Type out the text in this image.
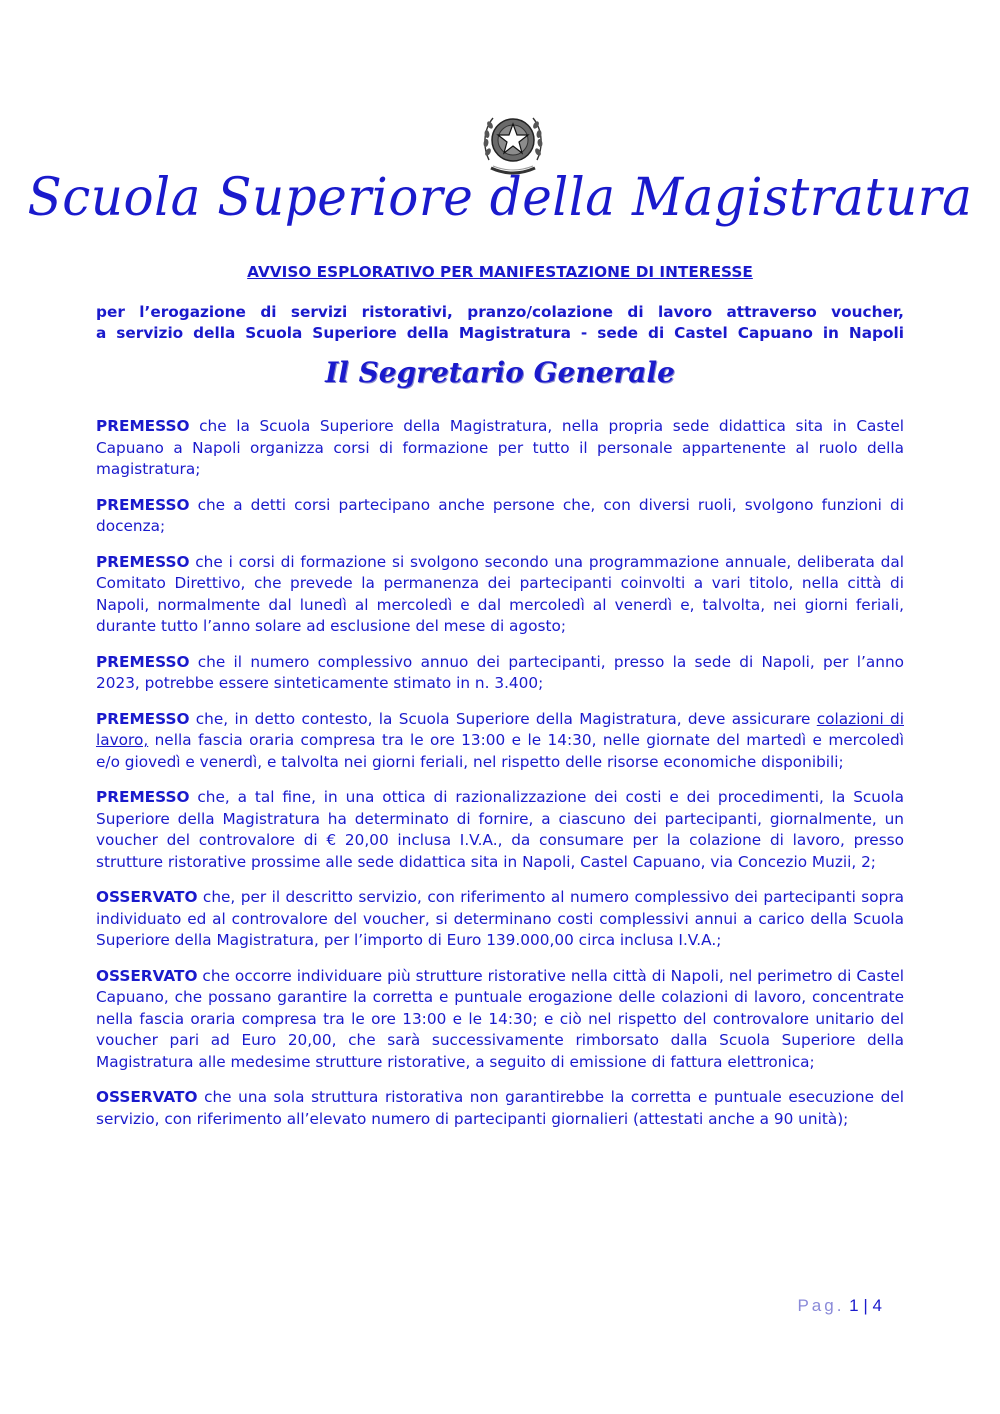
Scuola Superiore della Magistratura
AVVISO ESPLORATIVO PER MANIFESTAZIONE DI INTERESSE
per l’erogazione di servizi ristorativi, pranzo/colazione di lavoro attraverso voucher,
a servizio della Scuola Superiore della Magistratura - sede di Castel Capuano in Napoli
Il Segretario Generale

PREMESSO che la Scuola Superiore della Magistratura, nella propria sede didattica sita in Castel Capuano a Napoli organizza corsi di formazione per tutto il personale appartenente al ruolo della magistratura;

PREMESSO che a detti corsi partecipano anche persone che, con diversi ruoli, svolgono funzioni di docenza;

PREMESSO che i corsi di formazione si svolgono secondo una programmazione annuale, deliberata dal Comitato Direttivo, che prevede la permanenza dei partecipanti coinvolti a vari titolo, nella città di Napoli, normalmente dal lunedì al mercoledì e dal mercoledì al venerdì e, talvolta, nei giorni feriali, durante tutto l’anno solare ad esclusione del mese di agosto;

PREMESSO che il numero complessivo annuo dei partecipanti, presso la sede di Napoli, per l’anno 2023, potrebbe essere sinteticamente stimato in n. 3.400;

PREMESSO che, in detto contesto, la Scuola Superiore della Magistratura, deve assicurare colazioni di lavoro, nella fascia oraria compresa tra le ore 13:00 e le 14:30, nelle giornate del martedì e mercoledì e/o giovedì e venerdì, e talvolta nei giorni feriali, nel rispetto delle risorse economiche disponibili;

PREMESSO che, a tal fine, in una ottica di razionalizzazione dei costi e dei procedimenti, la Scuola Superiore della Magistratura ha determinato di fornire, a ciascuno dei partecipanti, giornalmente, un voucher del controvalore di € 20,00 inclusa I.V.A., da consumare per la colazione di lavoro, presso strutture ristorative prossime alle sede didattica sita in Napoli, Castel Capuano, via Concezio Muzii, 2;

OSSERVATO che, per il descritto servizio, con riferimento al numero complessivo dei partecipanti sopra individuato ed al controvalore del voucher, si determinano costi complessivi annui a carico della Scuola Superiore della Magistratura, per l’importo di Euro 139.000,00 circa inclusa I.V.A.;

OSSERVATO che occorre individuare più strutture ristorative nella città di Napoli, nel perimetro di Castel Capuano, che possano garantire la corretta e puntuale erogazione delle colazioni di lavoro, concentrate nella fascia oraria compresa tra le ore 13:00 e le 14:30; e ciò nel rispetto del controvalore unitario del voucher pari ad Euro 20,00, che sarà successivamente rimborsato dalla Scuola Superiore della Magistratura alle medesime strutture ristorative, a seguito di emissione di fattura elettronica;

OSSERVATO che una sola struttura ristorativa non garantirebbe la corretta e puntuale esecuzione del servizio, con riferimento all’elevato numero di partecipanti giornalieri (attestati anche a 90 unità);

Pag. 1 | 4
